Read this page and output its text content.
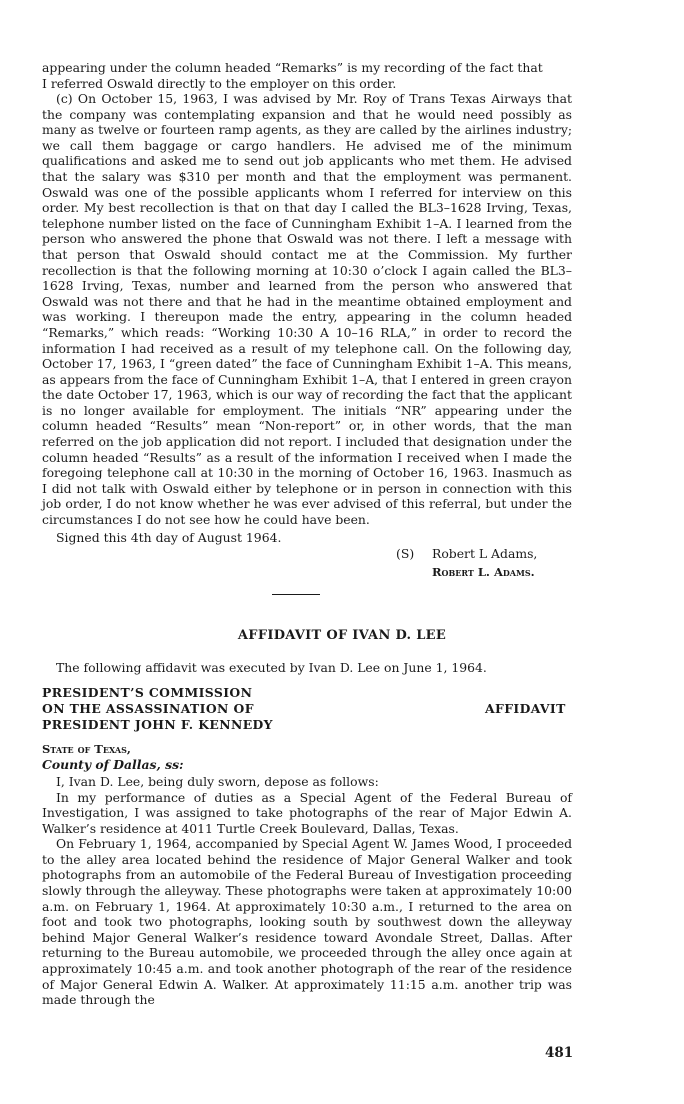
appearing under the column headed “Remarks” is my recording of the fact that

I referred Oswald directly to the employer on this order.

(c) On October 15, 1963, I was advised by Mr. Roy of Trans Texas Airways that the company was contemplating expansion and that he would need possibly as many as twelve or fourteen ramp agents, as they are called by the airlines industry; we call them baggage or cargo handlers. He advised me of the minimum qualifications and asked me to send out job applicants who met them. He advised that the salary was $310 per month and that the employment was permanent. Oswald was one of the possible applicants whom I referred for interview on this order. My best recollection is that on that day I called the BL3–1628 Irving, Texas, telephone number listed on the face of Cunningham Exhibit 1–A. I learned from the person who answered the phone that Oswald was not there. I left a message with that person that Oswald should contact me at the Commission. My further recollection is that the following morning at 10:30 o’clock I again called the BL3–1628 Irving, Texas, number and learned from the person who answered that Oswald was not there and that he had in the meantime obtained employment and was working. I thereupon made the entry, appearing in the column headed “Remarks,” which reads: “Working 10:30 A 10–16 RLA,” in order to record the information I had received as a result of my telephone call. On the following day, October 17, 1963, I “green dated” the face of Cunningham Exhibit 1–A. This means, as appears from the face of Cunningham Exhibit 1–A, that I entered in green crayon the date October 17, 1963, which is our way of recording the fact that the applicant is no longer available for employment. The initials “NR” appearing under the column headed “Results” mean “Non-report” or, in other words, that the man referred on the job application did not report. I included that designation under the column headed “Results” as a result of the information I received when I made the foregoing telephone call at 10:30 in the morning of October 16, 1963. Inasmuch as I did not talk with Oswald either by telephone or in person in connection with this job order, I do not know whether he was ever advised of this referral, but under the circumstances I do not see how he could have been.

Signed this 4th day of August 1964.

(S) Robert L Adams,
Robert L. Adams.
AFFIDAVIT OF IVAN D. LEE
The following affidavit was executed by Ivan D. Lee on June 1, 1964.
PRESIDENT’S COMMISSION
ON THE ASSASSINATION OF
PRESIDENT JOHN F. KENNEDY
AFFIDAVIT
State of Texas,
County of Dallas, ss:

I, Ivan D. Lee, being duly sworn, depose as follows:

In my performance of duties as a Special Agent of the Federal Bureau of Investigation, I was assigned to take photographs of the rear of Major Edwin A. Walker’s residence at 4011 Turtle Creek Boulevard, Dallas, Texas.

On February 1, 1964, accompanied by Special Agent W. James Wood, I proceeded to the alley area located behind the residence of Major General Walker and took photographs from an automobile of the Federal Bureau of Investigation proceeding slowly through the alleyway. These photographs were taken at approximately 10:00 a.m. on February 1, 1964. At approximately 10:30 a.m., I returned to the area on foot and took two photographs, looking south by southwest down the alleyway behind Major General Walker’s residence toward Avondale Street, Dallas. After returning to the Bureau automobile, we proceeded through the alley once again at approximately 10:45 a.m. and took another photograph of the rear of the residence of Major General Edwin A. Walker. At approximately 11:15 a.m. another trip was made through the

481
